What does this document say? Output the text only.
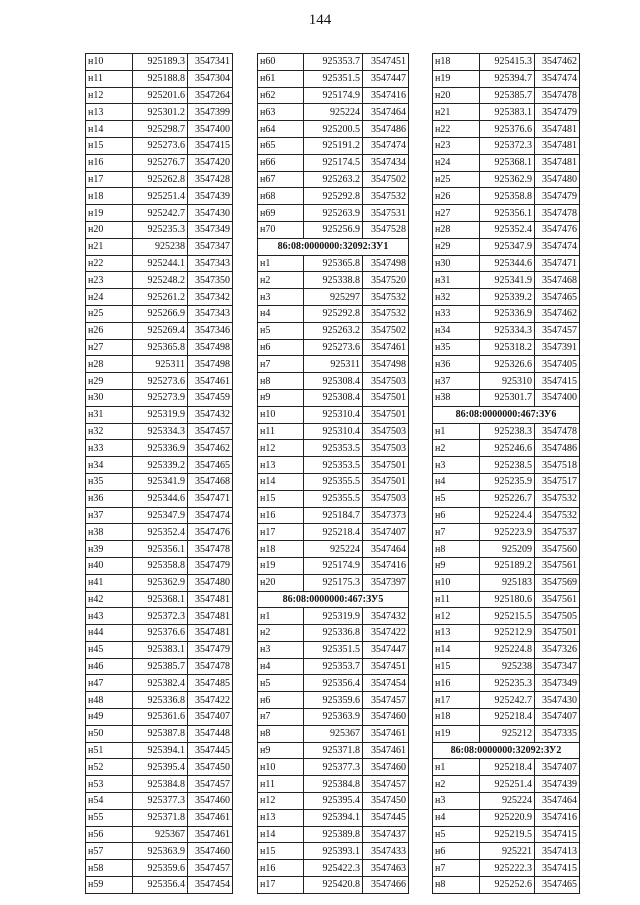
144
н10	925189.3	3547341
н11	925188.8	3547304
н12	925201.6	3547264
н13	925301.2	3547399
н14	925298.7	3547400
н15	925273.6	3547415
н16	925276.7	3547420
н17	925262.8	3547428
н18	925251.4	3547439
н19	925242.7	3547430
н20	925235.3	3547349
н21	925238	3547347
н22	925244.1	3547343
н23	925248.2	3547350
н24	925261.2	3547342
н25	925266.9	3547343
н26	925269.4	3547346
н27	925365.8	3547498
н28	925311	3547498
н29	925273.6	3547461
н30	925273.9	3547459
н31	925319.9	3547432
н32	925334.3	3547457
н33	925336.9	3547462
н34	925339.2	3547465
н35	925341.9	3547468
н36	925344.6	3547471
н37	925347.9	3547474
н38	925352.4	3547476
н39	925356.1	3547478
н40	925358.8	3547479
н41	925362.9	3547480
н42	925368.1	3547481
н43	925372.3	3547481
н44	925376.6	3547481
н45	925383.1	3547479
н46	925385.7	3547478
н47	925382.4	3547485
н48	925336.8	3547422
н49	925361.6	3547407
н50	925387.8	3547448
н51	925394.1	3547445
н52	925395.4	3547450
н53	925384.8	3547457
н54	925377.3	3547460
н55	925371.8	3547461
н56	925367	3547461
н57	925363.9	3547460
н58	925359.6	3547457
н59	925356.4	3547454
н60	925353.7	3547451
н61	925351.5	3547447
н62	925174.9	3547416
н63	925224	3547464
н64	925200.5	3547486
н65	925191.2	3547474
н66	925174.5	3547434
н67	925263.2	3547502
н68	925292.8	3547532
н69	925263.9	3547531
н70	925256.9	3547528
86:08:0000000:32092:ЗУ1		
н1	925365.8	3547498
н2	925338.8	3547520
н3	925297	3547532
н4	925292.8	3547532
н5	925263.2	3547502
н6	925273.6	3547461
н7	925311	3547498
н8	925308.4	3547503
н9	925308.4	3547501
н10	925310.4	3547501
н11	925310.4	3547503
н12	925353.5	3547503
н13	925353.5	3547501
н14	925355.5	3547501
н15	925355.5	3547503
н16	925184.7	3547373
н17	925218.4	3547407
н18	925224	3547464
н19	925174.9	3547416
н20	925175.3	3547397
86:08:0000000:467:ЗУ5		
н1	925319.9	3547432
н2	925336.8	3547422
н3	925351.5	3547447
н4	925353.7	3547451
н5	925356.4	3547454
н6	925359.6	3547457
н7	925363.9	3547460
н8	925367	3547461
н9	925371.8	3547461
н10	925377.3	3547460
н11	925384.8	3547457
н12	925395.4	3547450
н13	925394.1	3547445
н14	925389.8	3547437
н15	925393.1	3547433
н16	925422.3	3547463
н17	925420.8	3547466
н18	925415.3	3547462
н19	925394.7	3547474
н20	925385.7	3547478
н21	925383.1	3547479
н22	925376.6	3547481
н23	925372.3	3547481
н24	925368.1	3547481
н25	925362.9	3547480
н26	925358.8	3547479
н27	925356.1	3547478
н28	925352.4	3547476
н29	925347.9	3547474
н30	925344.6	3547471
н31	925341.9	3547468
н32	925339.2	3547465
н33	925336.9	3547462
н34	925334.3	3547457
н35	925318.2	3547391
н36	925326.6	3547405
н37	925310	3547415
н38	925301.7	3547400
86:08:0000000:467:ЗУ6		
н1	925238.3	3547478
н2	925246.6	3547486
н3	925238.5	3547518
н4	925235.9	3547517
н5	925226.7	3547532
н6	925224.4	3547532
н7	925223.9	3547537
н8	925209	3547560
н9	925189.2	3547561
н10	925183	3547569
н11	925180.6	3547561
н12	925215.5	3547505
н13	925212.9	3547501
н14	925224.8	3547326
н15	925238	3547347
н16	925235.3	3547349
н17	925242.7	3547430
н18	925218.4	3547407
н19	925212	3547335
86:08:0000000:32092:ЗУ2		
н1	925218.4	3547407
н2	925251.4	3547439
н3	925224	3547464
н4	925220.9	3547416
н5	925219.5	3547415
н6	925221	3547413
н7	925222.3	3547415
н8	925252.6	3547465
